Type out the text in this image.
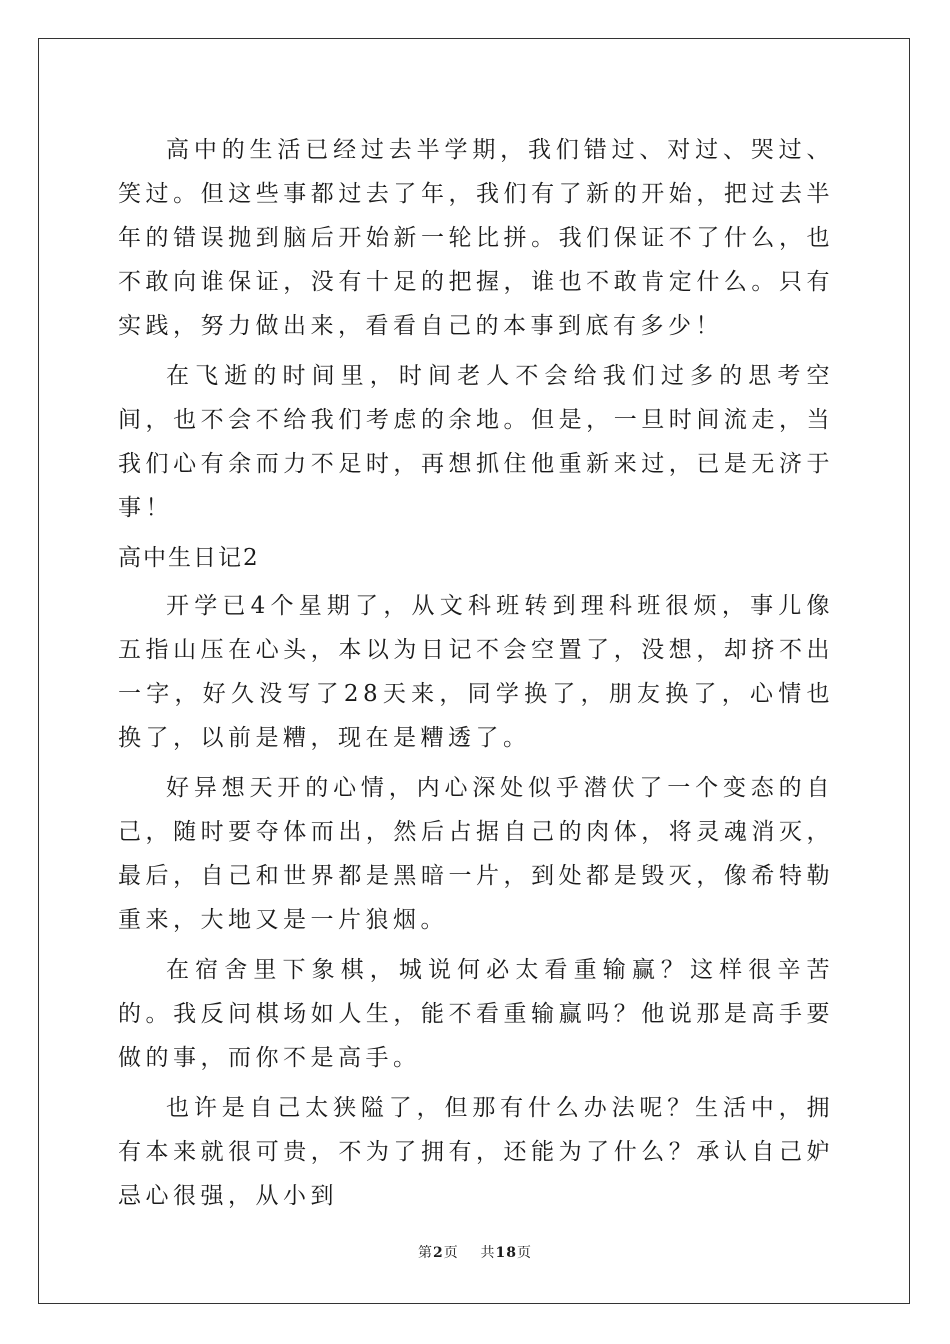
高中的生活已经过去半学期，我们错过、对过、哭过、笑过。但这些事都过去了年，我们有了新的开始，把过去半年的错误抛到脑后开始新一轮比拼。我们保证不了什么，也不敢向谁保证，没有十足的把握，谁也不敢肯定什么。只有实践，努力做出来，看看自己的本事到底有多少！

在飞逝的时间里，时间老人不会给我们过多的思考空间，也不会不给我们考虑的余地。但是，一旦时间流走，当我们心有余而力不足时，再想抓住他重新来过，已是无济于事！

高中生日记2

开学已4个星期了，从文科班转到理科班很烦，事儿像五指山压在心头，本以为日记不会空置了，没想，却挤不出一字，好久没写了28天来，同学换了，朋友换了，心情也换了，以前是糟，现在是糟透了。

好异想天开的心情，内心深处似乎潜伏了一个变态的自己，随时要夺体而出，然后占据自己的肉体，将灵魂消灭，最后，自己和世界都是黑暗一片，到处都是毁灭，像希特勒重来，大地又是一片狼烟。

在宿舍里下象棋，城说何必太看重输赢？这样很辛苦的。我反问棋场如人生，能不看重输赢吗？他说那是高手要做的事，而你不是高手。

也许是自己太狭隘了，但那有什么办法呢？生活中，拥有本来就很可贵，不为了拥有，还能为了什么？承认自己妒忌心很强，从小到

第2页 共18页
